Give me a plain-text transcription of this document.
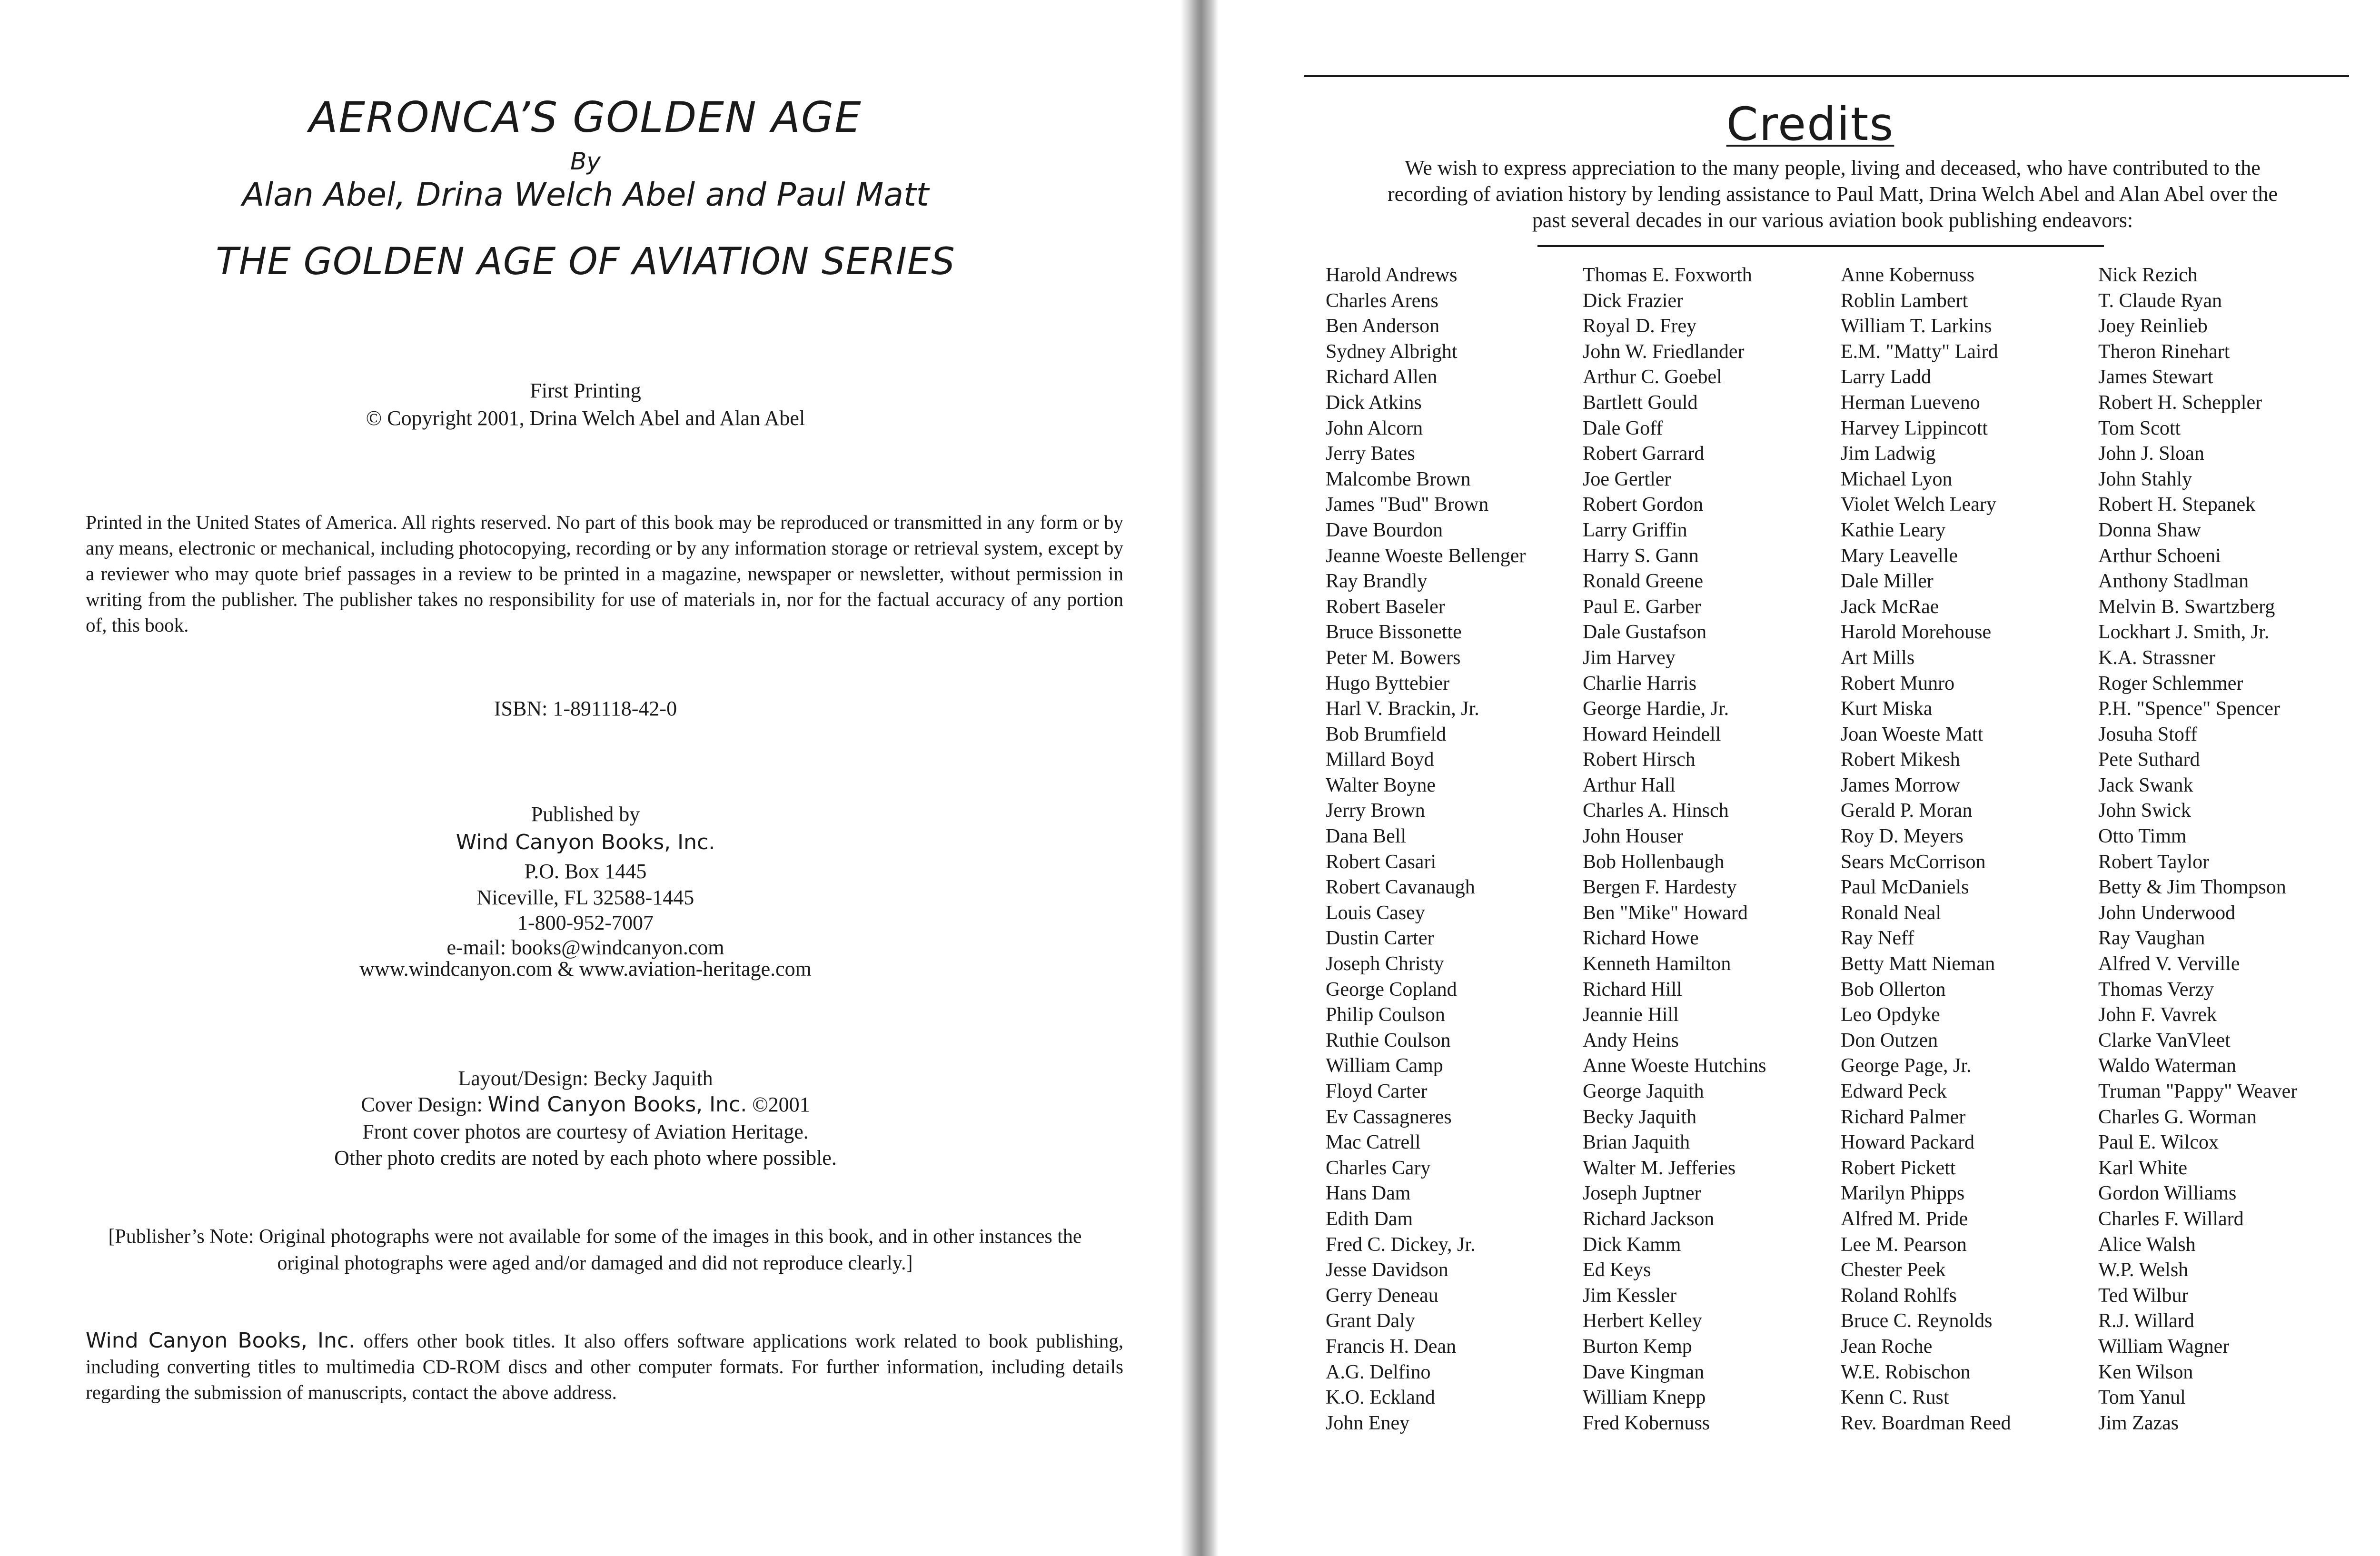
AERONCA’S GOLDEN AGE
By
Alan Abel, Drina Welch Abel and Paul Matt
THE GOLDEN AGE OF AVIATION SERIES
First Printing
© Copyright 2001, Drina Welch Abel and Alan Abel
Printed in the United States of America. All rights reserved. No part of this book may be reproduced or transmitted in any form or by any means, electronic or mechanical, including photocopying, recording or by any information storage or retrieval system, except by a reviewer who may quote brief passages in a review to be printed in a magazine, newspaper or newsletter, without permission in writing from the publisher. The publisher takes no responsibility for use of materials in, nor for the factual accuracy of any portion of, this book.
ISBN: 1-891118-42-0
Published by
Wind Canyon Books, Inc.
P.O. Box 1445
Niceville, FL 32588-1445
1-800-952-7007
e-mail: books@windcanyon.com
www.windcanyon.com & www.aviation-heritage.com
Layout/Design: Becky Jaquith
Cover Design: Wind Canyon Books, Inc. ©2001
Front cover photos are courtesy of Aviation Heritage.
Other photo credits are noted by each photo where possible.
[Publisher’s Note: Original photographs were not available for some of the images in this book, and in other instances the original photographs were aged and/or damaged and did not reproduce clearly.]
Wind Canyon Books, Inc. offers other book titles. It also offers software applications work related to book publishing, including converting titles to multimedia CD-ROM discs and other computer formats. For further information, including details regarding the submission of manuscripts, contact the above address.
Credits
We wish to express appreciation to the many people, living and deceased, who have contributed to the recording of aviation history by lending assistance to Paul Matt, Drina Welch Abel and Alan Abel over the past several decades in our various aviation book publishing endeavors:
Harold Andrews
Charles Arens
Ben Anderson
Sydney Albright
Richard Allen
Dick Atkins
John Alcorn
Jerry Bates
Malcombe Brown
James "Bud" Brown
Dave Bourdon
Jeanne Woeste Bellenger
Ray Brandly
Robert Baseler
Bruce Bissonette
Peter M. Bowers
Hugo Byttebier
Harl V. Brackin, Jr.
Bob Brumfield
Millard Boyd
Walter Boyne
Jerry Brown
Dana Bell
Robert Casari
Robert Cavanaugh
Louis Casey
Dustin Carter
Joseph Christy
George Copland
Philip Coulson
Ruthie Coulson
William Camp
Floyd Carter
Ev Cassagneres
Mac Catrell
Charles Cary
Hans Dam
Edith Dam
Fred C. Dickey, Jr.
Jesse Davidson
Gerry Deneau
Grant Daly
Francis H. Dean
A.G. Delfino
K.O. Eckland
John Eney
Thomas E. Foxworth
Dick Frazier
Royal D. Frey
John W. Friedlander
Arthur C. Goebel
Bartlett Gould
Dale Goff
Robert Garrard
Joe Gertler
Robert Gordon
Larry Griffin
Harry S. Gann
Ronald Greene
Paul E. Garber
Dale Gustafson
Jim Harvey
Charlie Harris
George Hardie, Jr.
Howard Heindell
Robert Hirsch
Arthur Hall
Charles A. Hinsch
John Houser
Bob Hollenbaugh
Bergen F. Hardesty
Ben "Mike" Howard
Richard Howe
Kenneth Hamilton
Richard Hill
Jeannie Hill
Andy Heins
Anne Woeste Hutchins
George Jaquith
Becky Jaquith
Brian Jaquith
Walter M. Jefferies
Joseph Juptner
Richard Jackson
Dick Kamm
Ed Keys
Jim Kessler
Herbert Kelley
Burton Kemp
Dave Kingman
William Knepp
Fred Kobernuss
Anne Kobernuss
Roblin Lambert
William T. Larkins
E.M. "Matty" Laird
Larry Ladd
Herman Lueveno
Harvey Lippincott
Jim Ladwig
Michael Lyon
Violet Welch Leary
Kathie Leary
Mary Leavelle
Dale Miller
Jack McRae
Harold Morehouse
Art Mills
Robert Munro
Kurt Miska
Joan Woeste Matt
Robert Mikesh
James Morrow
Gerald P. Moran
Roy D. Meyers
Sears McCorrison
Paul McDaniels
Ronald Neal
Ray Neff
Betty Matt Nieman
Bob Ollerton
Leo Opdyke
Don Outzen
George Page, Jr.
Edward Peck
Richard Palmer
Howard Packard
Robert Pickett
Marilyn Phipps
Alfred M. Pride
Lee M. Pearson
Chester Peek
Roland Rohlfs
Bruce C. Reynolds
Jean Roche
W.E. Robischon
Kenn C. Rust
Rev. Boardman Reed
Nick Rezich
T. Claude Ryan
Joey Reinlieb
Theron Rinehart
James Stewart
Robert H. Scheppler
Tom Scott
John J. Sloan
John Stahly
Robert H. Stepanek
Donna Shaw
Arthur Schoeni
Anthony Stadlman
Melvin B. Swartzberg
Lockhart J. Smith, Jr.
K.A. Strassner
Roger Schlemmer
P.H. "Spence" Spencer
Josuha Stoff
Pete Suthard
Jack Swank
John Swick
Otto Timm
Robert Taylor
Betty & Jim Thompson
John Underwood
Ray Vaughan
Alfred V. Verville
Thomas Verzy
John F. Vavrek
Clarke VanVleet
Waldo Waterman
Truman "Pappy" Weaver
Charles G. Worman
Paul E. Wilcox
Karl White
Gordon Williams
Charles F. Willard
Alice Walsh
W.P. Welsh
Ted Wilbur
R.J. Willard
William Wagner
Ken Wilson
Tom Yanul
Jim Zazas
